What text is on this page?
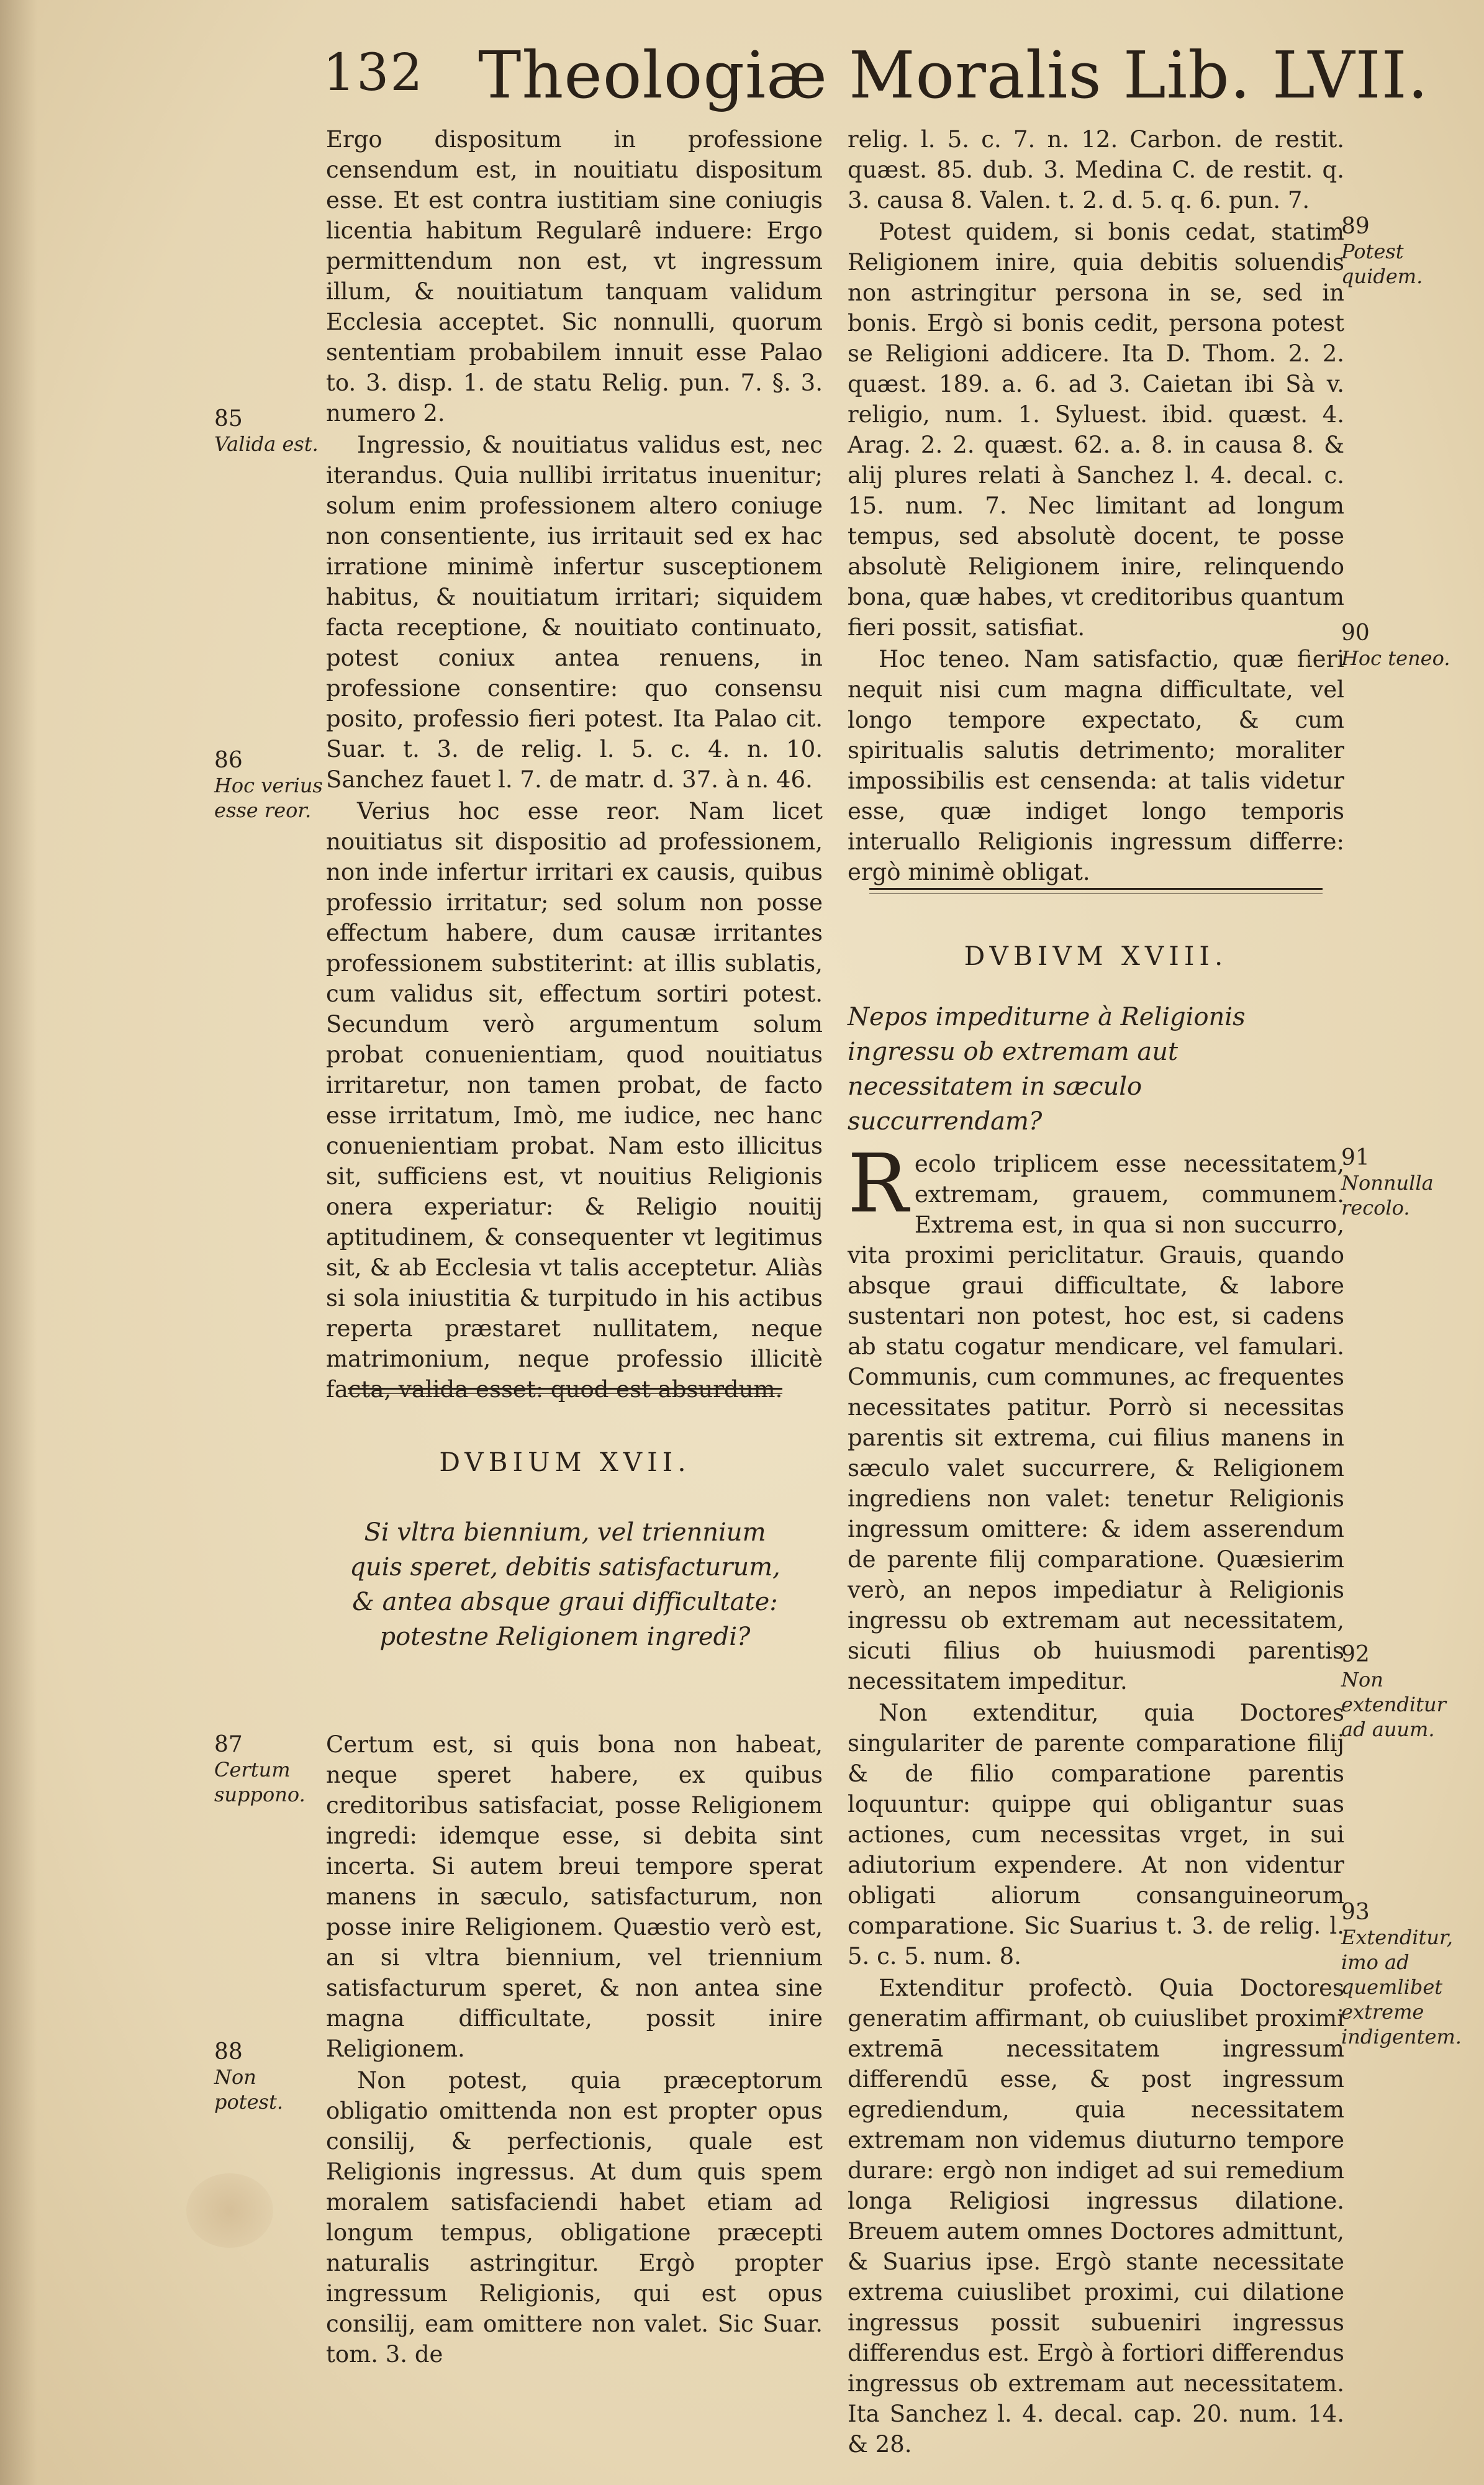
132 Theologiæ Moralis Lib. LVII.

Ergo dispositum in professione censendum est, in nouitiatu dispositum esse. Et est contra iustitiam sine coniugis licentia habitum Regularê induere: Ergo permittendum non est, vt ingressum illum, & nouitiatum tanquam validum Ecclesia acceptet. Sic nonnulli, quorum sententiam probabilem innuit esse Palao to. 3. disp. 1. de statu Relig. pun. 7. §. 3. numero 2.

Ingressio, & nouitiatus validus est, nec iterandus. Quia nullibi irritatus inuenitur; solum enim professionem altero coniuge non consentiente, ius irritauit sed ex hac irratione minimè infertur susceptionem habitus, & nouitiatum irritari; siquidem facta receptione, & nouitiato continuato, potest coniux antea renuens, in professione consentire: quo consensu posito, professio fieri potest. Ita Palao cit. Suar. t. 3. de relig. l. 5. c. 4. n. 10. Sanchez fauet l. 7. de matr. d. 37. à n. 46.

Verius hoc esse reor. Nam licet nouitiatus sit dispositio ad professionem, non inde infertur irritari ex causis, quibus professio irritatur; sed solum non posse effectum habere, dum causæ irritantes professionem substiterint: at illis sublatis, cum validus sit, effectum sortiri potest. Secundum verò argumentum solum probat conuenientiam, quod nouitiatus irritaretur, non tamen probat, de facto esse irritatum, Imò, me iudice, nec hanc conuenientiam probat. Nam esto illicitus sit, sufficiens est, vt nouitius Religionis onera experiatur: & Religio nouitij aptitudinem, & consequenter vt legitimus sit, & ab Ecclesia vt talis acceptetur. Aliàs si sola iniustitia & turpitudo in his actibus reperta præstaret nullitatem, neque matrimonium, neque professio illicitè facta, valida esset: quod est absurdum.

85
Valida est.
86
Hoc verius esse reor.
DVBIUM XVII.
Si vltra biennium, vel triennium quis speret, debitis satisfacturum, & antea absque graui difficultate: potestne Religionem ingredi?

Certum est, si quis bona non habeat, neque speret habere, ex quibus creditoribus satisfaciat, posse Religionem ingredi: idemque esse, si debita sint incerta. Si autem breui tempore sperat manens in sæculo, satisfacturum, non posse inire Religionem. Quæstio verò est, an si vltra biennium, vel triennium satisfacturum speret, & non antea sine magna difficultate, possit inire Religionem.

Non potest, quia præceptorum obligatio omittenda non est propter opus consilij, & perfectionis, quale est Religionis ingressus. At dum quis spem moralem satisfaciendi habet etiam ad longum tempus, obligatione præcepti naturalis astringitur. Ergò propter ingressum Religionis, qui est opus consilij, eam omittere non valet. Sic Suar. tom. 3. de

87
Certum suppono.
88
Non potest.

relig. l. 5. c. 7. n. 12. Carbon. de restit. quæst. 85. dub. 3. Medina C. de restit. q. 3. causa 8. Valen. t. 2. d. 5. q. 6. pun. 7.

Potest quidem, si bonis cedat, statim Religionem inire, quia debitis soluendis non astringitur persona in se, sed in bonis. Ergò si bonis cedit, persona potest se Religioni addicere. Ita D. Thom. 2. 2. quæst. 189. a. 6. ad 3. Caietan ibi Sà v. religio, num. 1. Syluest. ibid. quæst. 4. Arag. 2. 2. quæst. 62. a. 8. in causa 8. & alij plures relati à Sanchez l. 4. decal. c. 15. num. 7. Nec limitant ad longum tempus, sed absolutè docent, te posse absolutè Religionem inire, relinquendo bona, quæ habes, vt creditoribus quantum fieri possit, satisfiat.

Hoc teneo. Nam satisfactio, quæ fieri nequit nisi cum magna difficultate, vel longo tempore expectato, & cum spiritualis salutis detrimento; moraliter impossibilis est censenda: at talis videtur esse, quæ indiget longo temporis interuallo Religionis ingressum differre: ergò minimè obligat.

89
Potest quidem.
90
Hoc teneo.
DVBIVM XVIII.
Nepos impediturne à Religionis ingressu ob extremam aut necessitatem in sæculo succurrendam?

Recolo triplicem esse necessitatem, extremam, grauem, communem. Extrema est, in qua si non succurro, vita proximi periclitatur. Grauis, quando absque graui difficultate, & labore sustentari non potest, hoc est, si cadens ab statu cogatur mendicare, vel famulari. Communis, cum communes, ac frequentes necessitates patitur. Porrò si necessitas parentis sit extrema, cui filius manens in sæculo valet succurrere, & Religionem ingrediens non valet: tenetur Religionis ingressum omittere: & idem asserendum de parente filij comparatione. Quæsierim verò, an nepos impediatur à Religionis ingressu ob extremam aut necessitatem, sicuti filius ob huiusmodi parentis necessitatem impeditur.

Non extenditur, quia Doctores singulariter de parente comparatione filij & de filio comparatione parentis loquuntur: quippe qui obligantur suas actiones, cum necessitas vrget, in sui adiutorium expendere. At non videntur obligati aliorum consanguineorum comparatione. Sic Suarius t. 3. de relig. l. 5. c. 5. num. 8.

Extenditur profectò. Quia Doctores generatim affirmant, ob cuiuslibet proximi extremā necessitatem ingressum differendū esse, & post ingressum egrediendum, quia necessitatem extremam non videmus diuturno tempore durare: ergò non indiget ad sui remedium longa Religiosi ingressus dilatione. Breuem autem omnes Doctores admittunt, & Suarius ipse. Ergò stante necessitate extrema cuiuslibet proximi, cui dilatione ingressus possit subueniri ingressus differendus est. Ergò à fortiori differendus ingressus ob extremam aut necessitatem. Ita Sanchez l. 4. decal. cap. 20. num. 14. & 28.

91
Nonnulla recolo.
92
Non extenditur ad auum.
93
Extenditur, imo ad quemlibet extreme indigentem.
